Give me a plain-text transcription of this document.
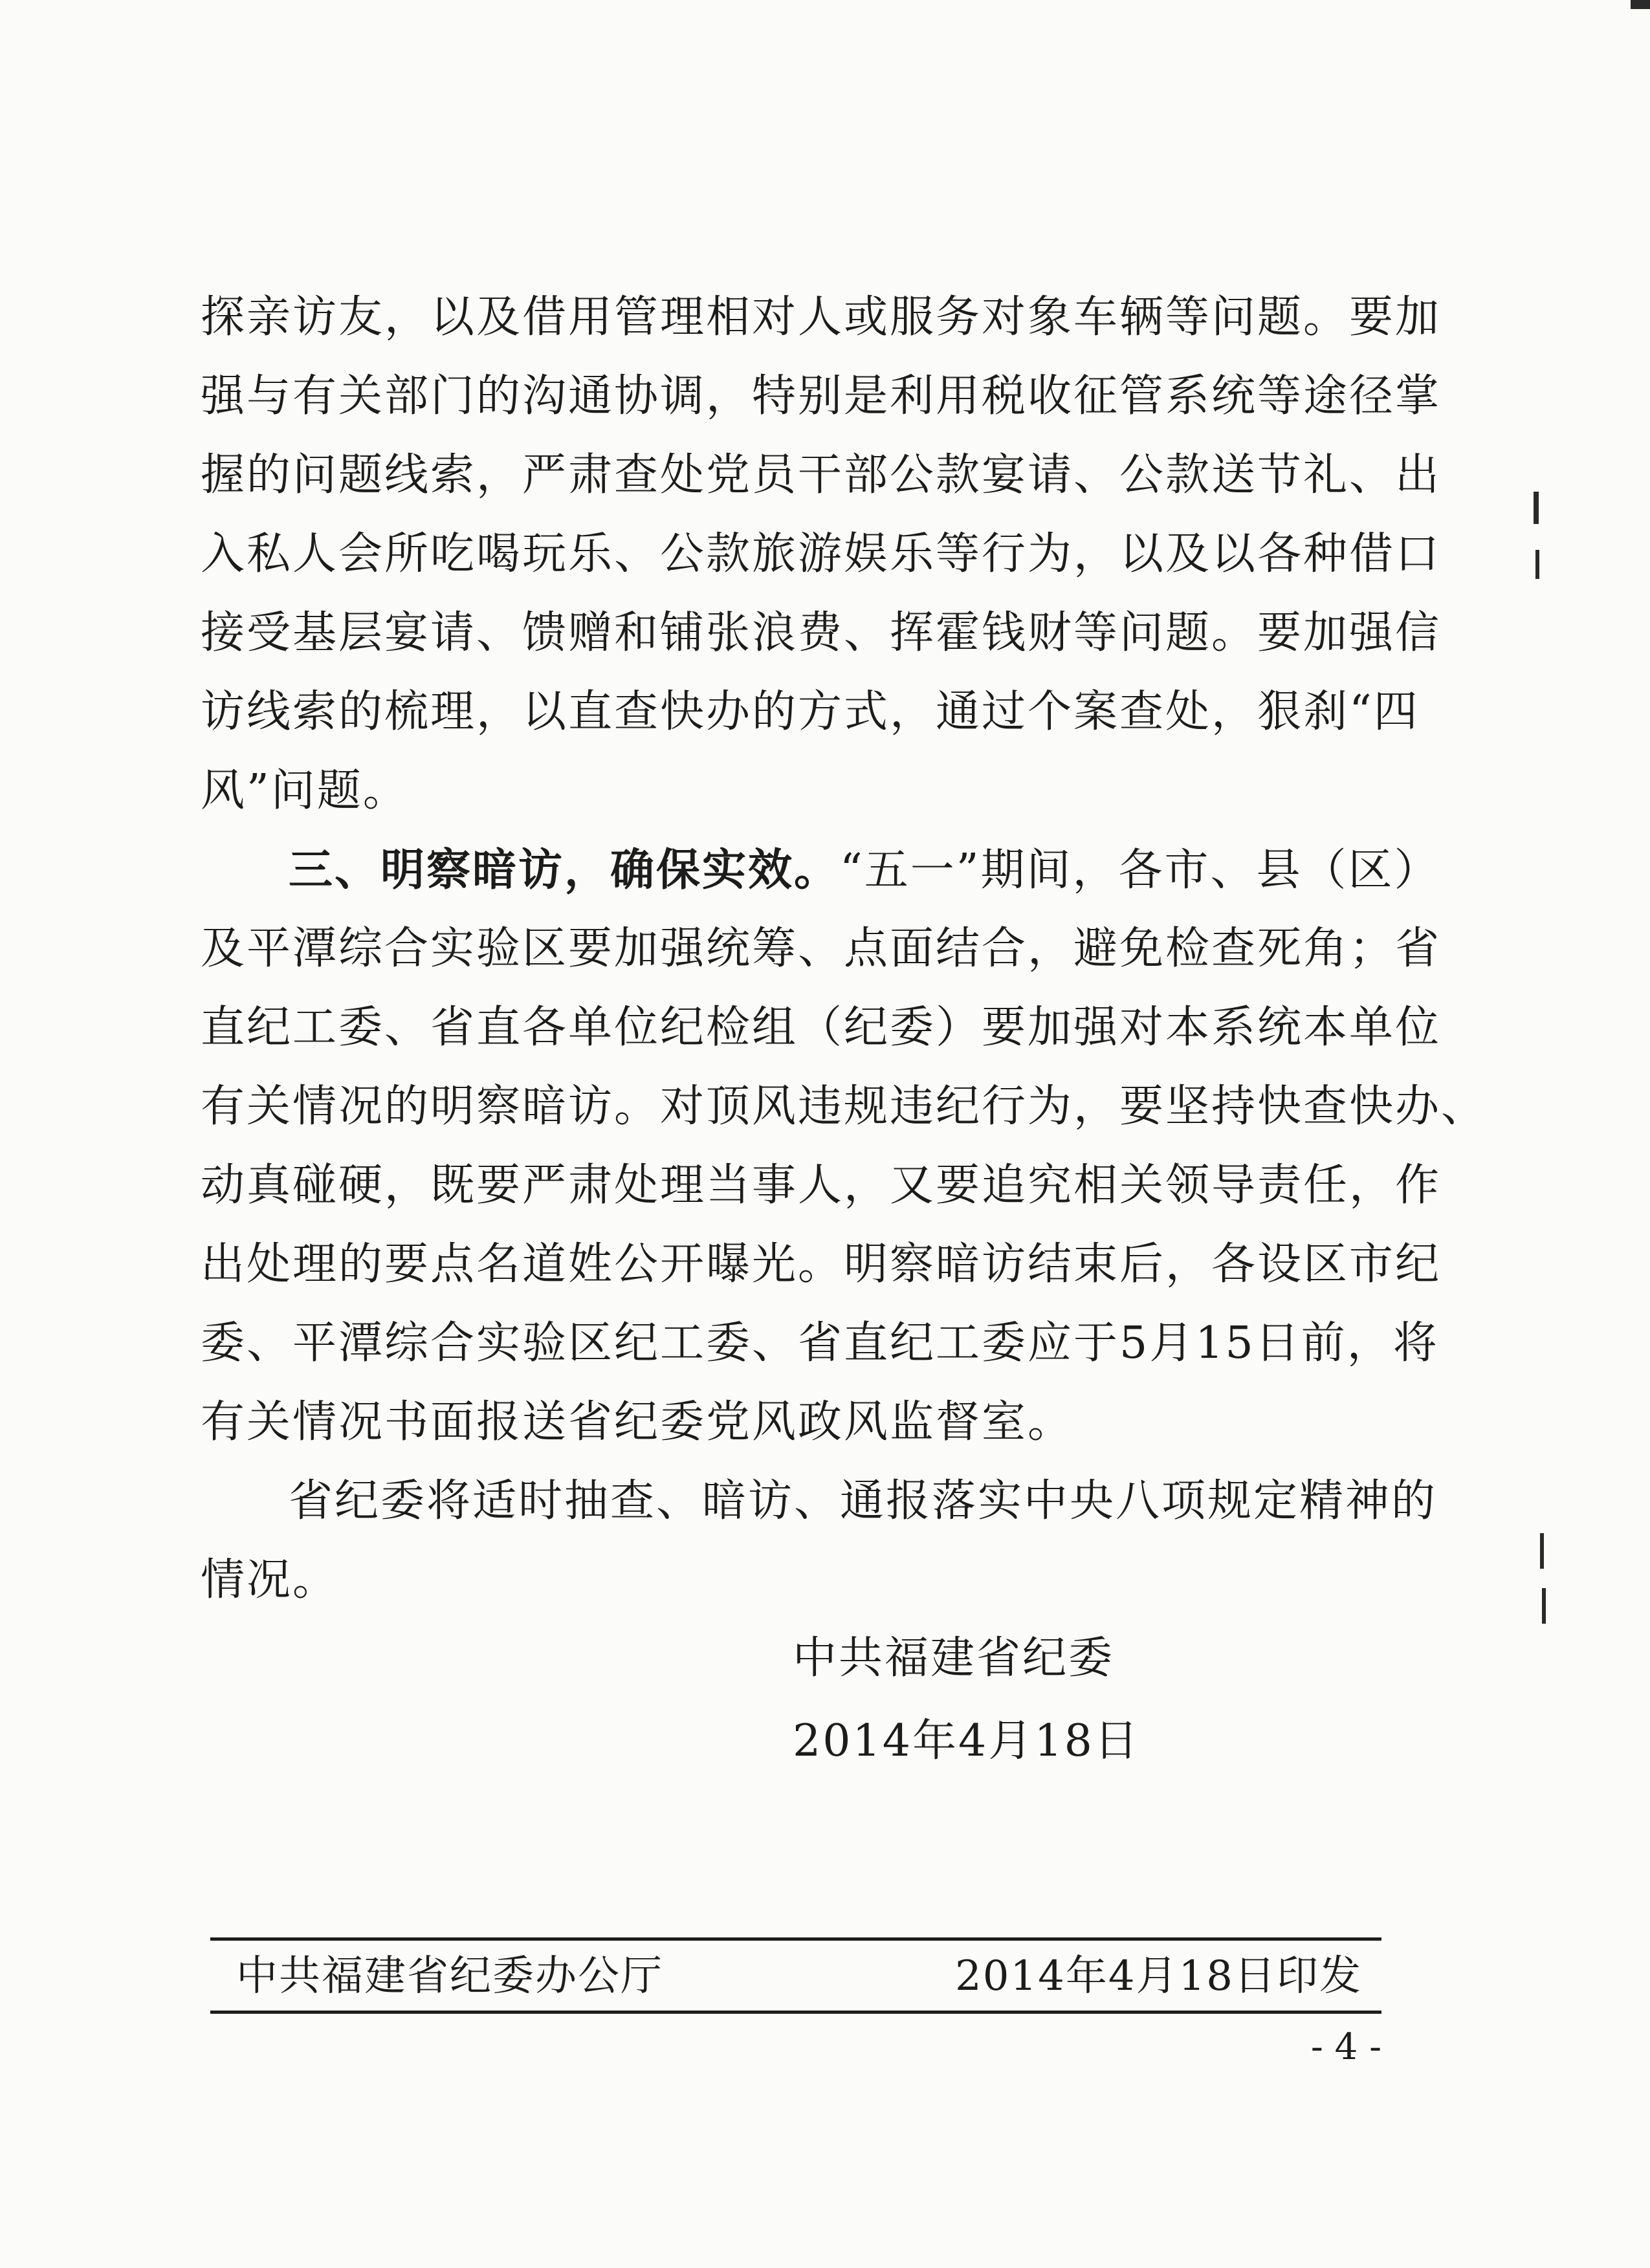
探亲访友，以及借用管理相对人或服务对象车辆等问题。要加
强与有关部门的沟通协调，特别是利用税收征管系统等途径掌
握的问题线索，严肃查处党员干部公款宴请、公款送节礼、出
入私人会所吃喝玩乐、公款旅游娱乐等行为，以及以各种借口
接受基层宴请、馈赠和铺张浪费、挥霍钱财等问题。要加强信
访线索的梳理，以直查快办的方式，通过个案查处，狠刹“四
风”问题。
三、明察暗访，确保实效。“五一”期间，各市、县（区）
及平潭综合实验区要加强统筹、点面结合，避免检查死角；省
直纪工委、省直各单位纪检组（纪委）要加强对本系统本单位
有关情况的明察暗访。对顶风违规违纪行为，要坚持快查快办、
动真碰硬，既要严肃处理当事人，又要追究相关领导责任，作
出处理的要点名道姓公开曝光。明察暗访结束后，各设区市纪
委、平潭综合实验区纪工委、省直纪工委应于5月15日前，将
有关情况书面报送省纪委党风政风监督室。
省纪委将适时抽查、暗访、通报落实中央八项规定精神的
情况。
中共福建省纪委
2014年4月18日
中共福建省纪委办公厅	2014年4月18日印发
- 4 -
